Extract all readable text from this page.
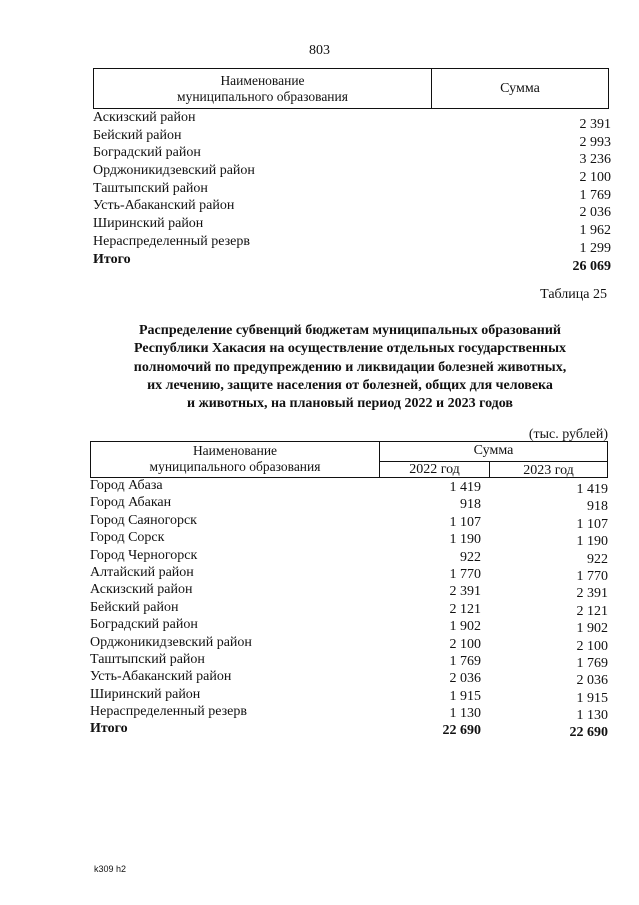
803
Наименование
муниципального образования
Сумма
Аскизский район	2 391
Бейский район	2 993
Боградский район	3 236
Орджоникидзевский район	2 100
Таштыпский район	1 769
Усть-Абаканский район	2 036
Ширинский район	1 962
Нераспределенный резерв	1 299
Итого	26 069
Таблица 25
Распределение субвенций бюджетам муниципальных образований
Республики Хакасия на осуществление отдельных государственных
полномочий по предупреждению и ликвидации болезней животных,
их лечению, защите населения от болезней, общих для человека
и животных, на плановый период 2022 и 2023 годов
(тыс. рублей)
Наименование
муниципального образования
Сумма
2022 год	2023 год
Город Абаза	1 419	1 419
Город Абакан	918	918
Город Саяногорск	1 107	1 107
Город Сорск	1 190	1 190
Город Черногорск	922	922
Алтайский район	1 770	1 770
Аскизский район	2 391	2 391
Бейский район	2 121	2 121
Боградский район	1 902	1 902
Орджоникидзевский район	2 100	2 100
Таштыпский район	1 769	1 769
Усть-Абаканский район	2 036	2 036
Ширинский район	1 915	1 915
Нераспределенный резерв	1 130	1 130
Итого	22 690	22 690
k309 h2
